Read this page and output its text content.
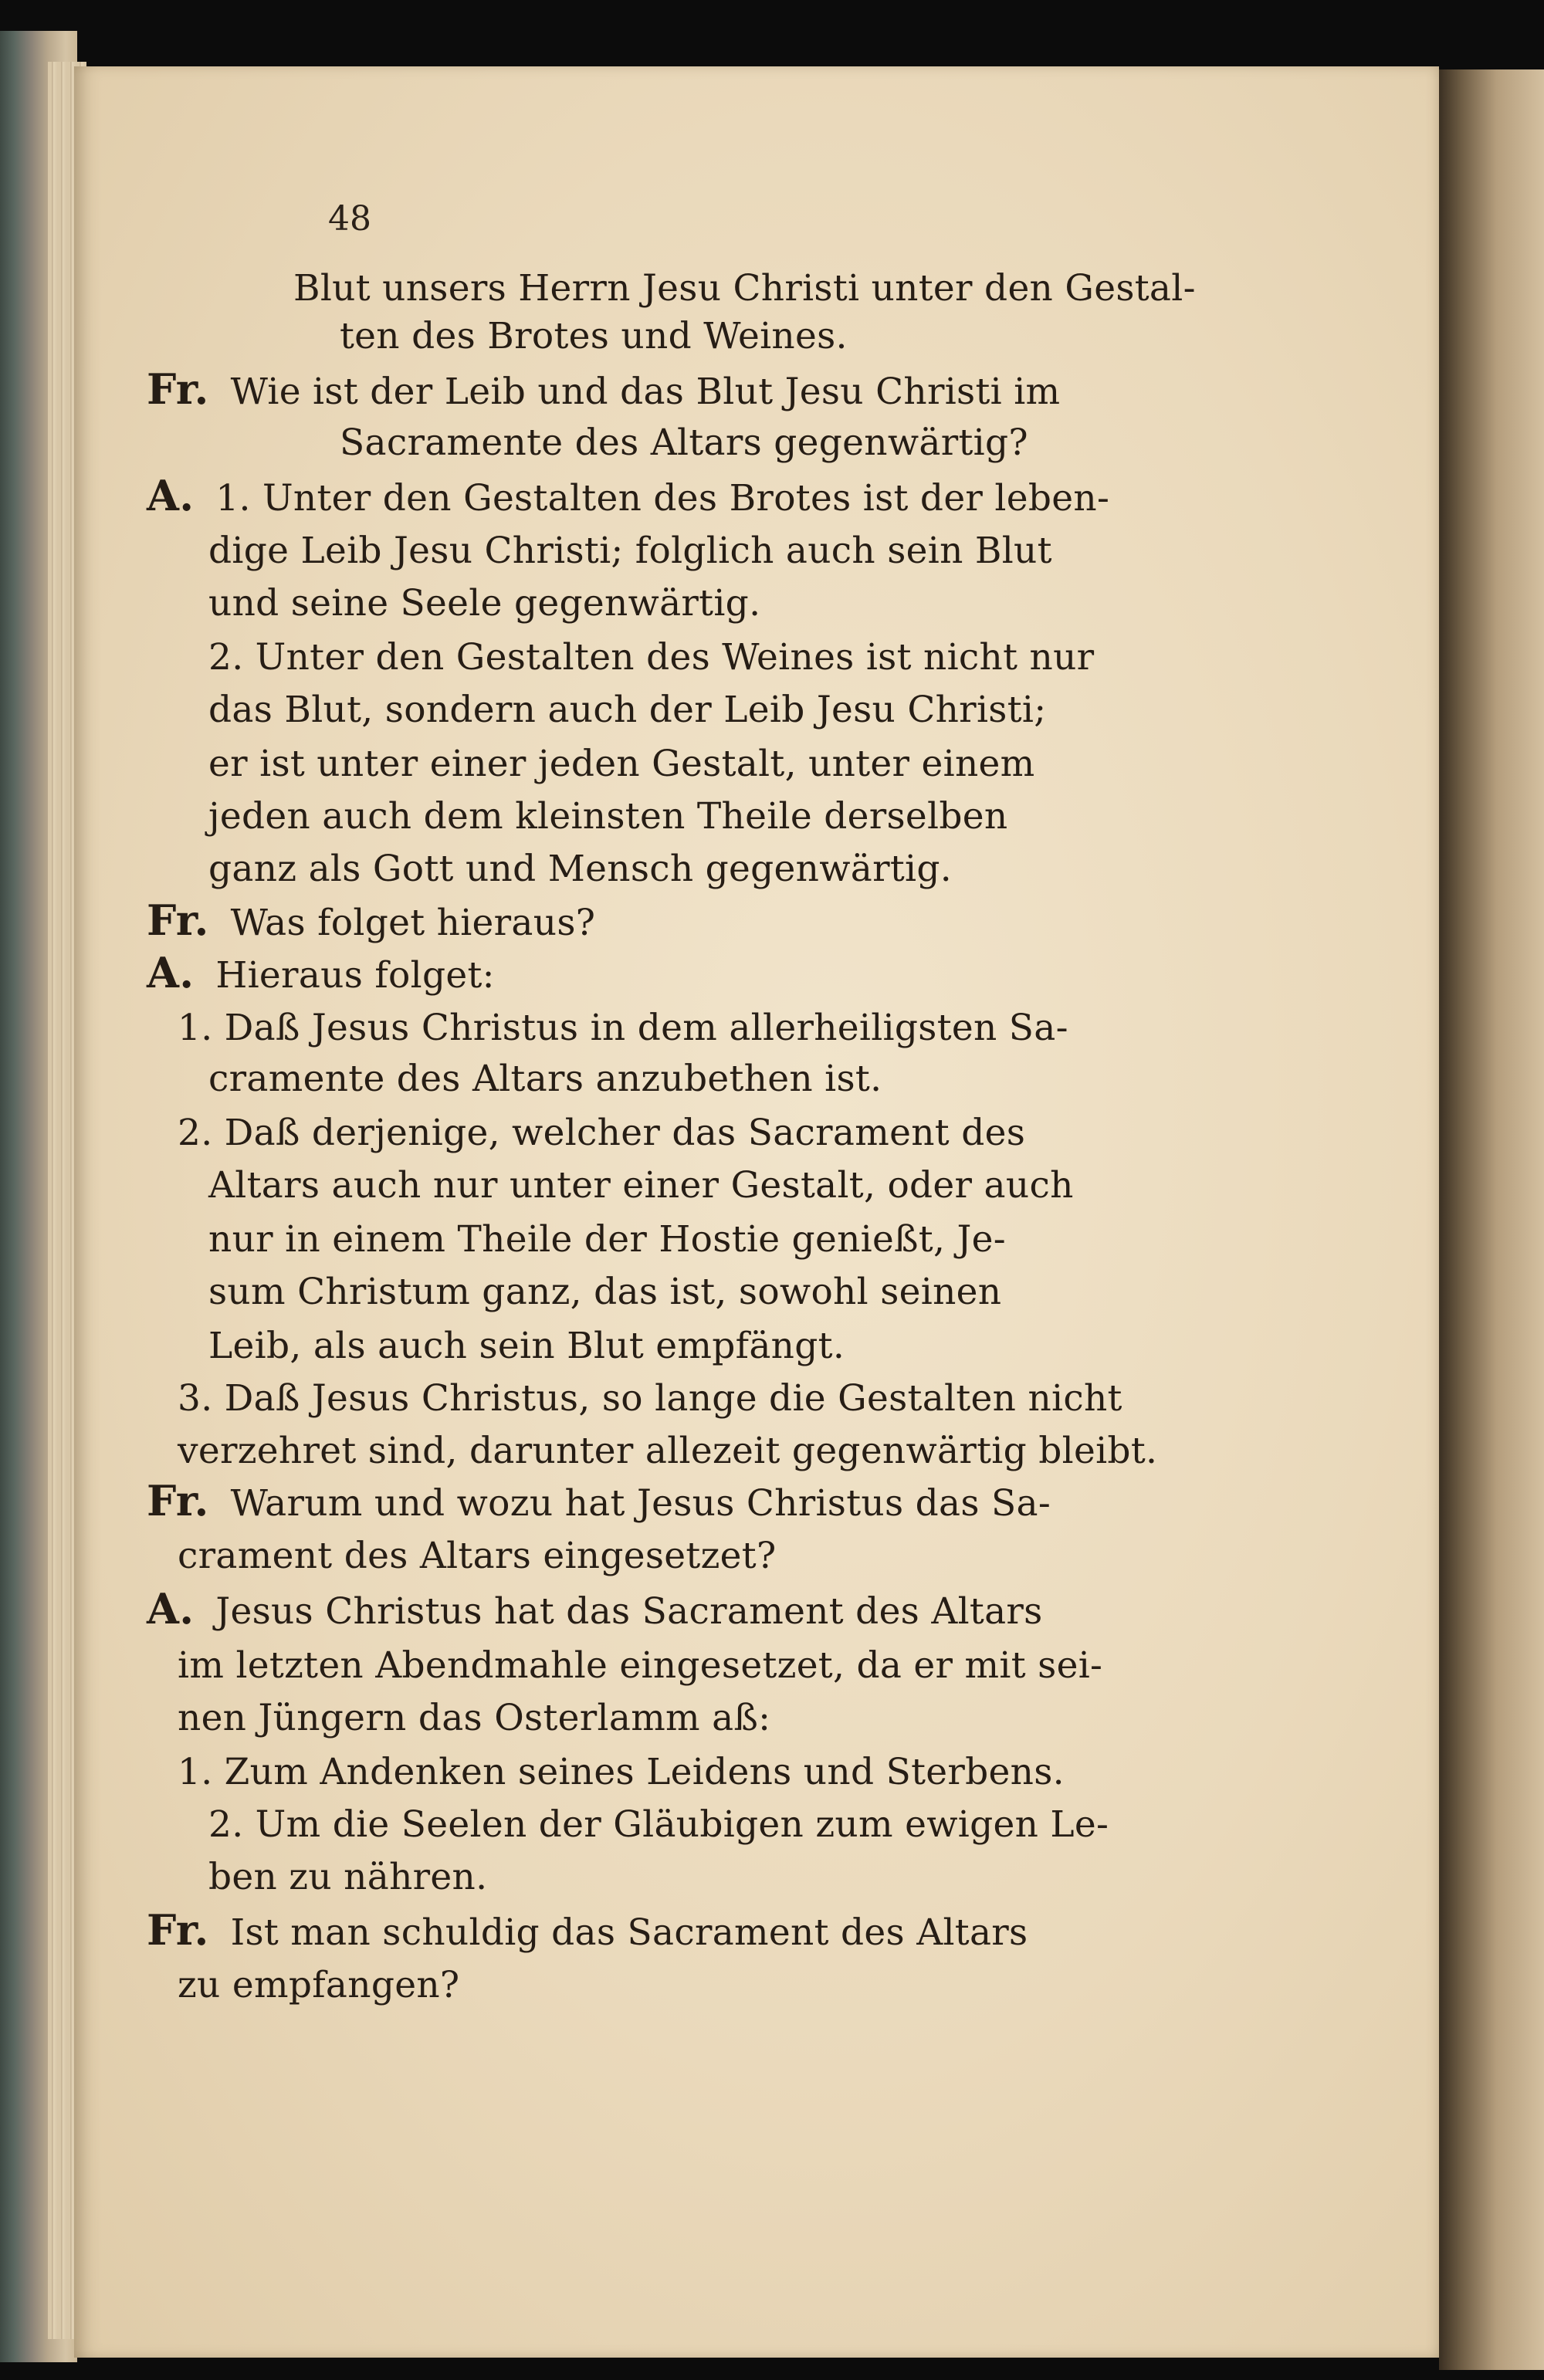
48
Blut unsers Herrn Jesu Christi unter den Gestal-
ten des Brotes und Weines.
Fr. Wie ist der Leib und das Blut Jesu Christi im
Sacramente des Altars gegenwärtig?
A. 1. Unter den Gestalten des Brotes ist der leben-
dige Leib Jesu Christi; folglich auch sein Blut
und seine Seele gegenwärtig.
2. Unter den Gestalten des Weines ist nicht nur
das Blut, sondern auch der Leib Jesu Christi;
er ist unter einer jeden Gestalt, unter einem
jeden auch dem kleinsten Theile derselben
ganz als Gott und Mensch gegenwärtig.
Fr. Was folget hieraus?
A. Hieraus folget:
1. Daß Jesus Christus in dem allerheiligsten Sa-
cramente des Altars anzubethen ist.
2. Daß derjenige, welcher das Sacrament des
Altars auch nur unter einer Gestalt, oder auch
nur in einem Theile der Hostie genießt, Je-
sum Christum ganz, das ist, sowohl seinen
Leib, als auch sein Blut empfängt.
3. Daß Jesus Christus, so lange die Gestalten nicht
verzehret sind, darunter allezeit gegenwärtig bleibt.
Fr. Warum und wozu hat Jesus Christus das Sa-
crament des Altars eingesetzet?
A. Jesus Christus hat das Sacrament des Altars
im letzten Abendmahle eingesetzet, da er mit sei-
nen Jüngern das Osterlamm aß:
1. Zum Andenken seines Leidens und Sterbens.
2. Um die Seelen der Gläubigen zum ewigen Le-
ben zu nähren.
Fr. Ist man schuldig das Sacrament des Altars
zu empfangen?
